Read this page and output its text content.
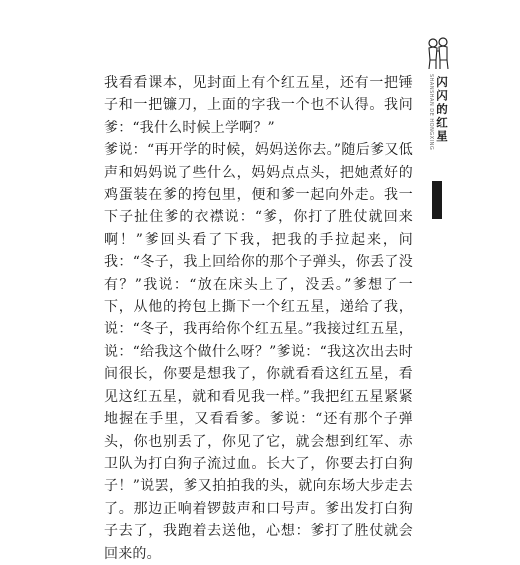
我看看课本，见封面上有个红五星，还有一把锤子和一把镰刀，上面的字我一个也不认得。我问爹：“我什么时候上学啊？”

爹说：“再开学的时候，妈妈送你去。”随后爹又低声和妈妈说了些什么，妈妈点点头，把她煮好的鸡蛋装在爹的挎包里，便和爹一起向外走。我一下子扯住爹的衣襟说：“爹，你打了胜仗就回来啊！”爹回头看了下我，把我的手拉起来，问我：“冬子，我上回给你的那个子弹头，你丢了没有？”我说：“放在床头上了，没丢。”爹想了一下，从他的挎包上撕下一个红五星，递给了我，说：“冬子，我再给你个红五星。”我接过红五星，说：“给我这个做什么呀？”爹说：“我这次出去时间很长，你要是想我了，你就看看这红五星，看见这红五星，就和看见我一样。”我把红五星紧紧地握在手里，又看看爹。爹说：“还有那个子弹头，你也别丢了，你见了它，就会想到红军、赤卫队为打白狗子流过血。长大了，你要去打白狗子！”说罢，爹又拍拍我的头，就向东场大步走去了。那边正响着锣鼓声和口号声。爹出发打白狗子去了，我跑着去送他，心想：爹打了胜仗就会回来的。

SHANSHAN DE HONGXING 闪闪的红星
